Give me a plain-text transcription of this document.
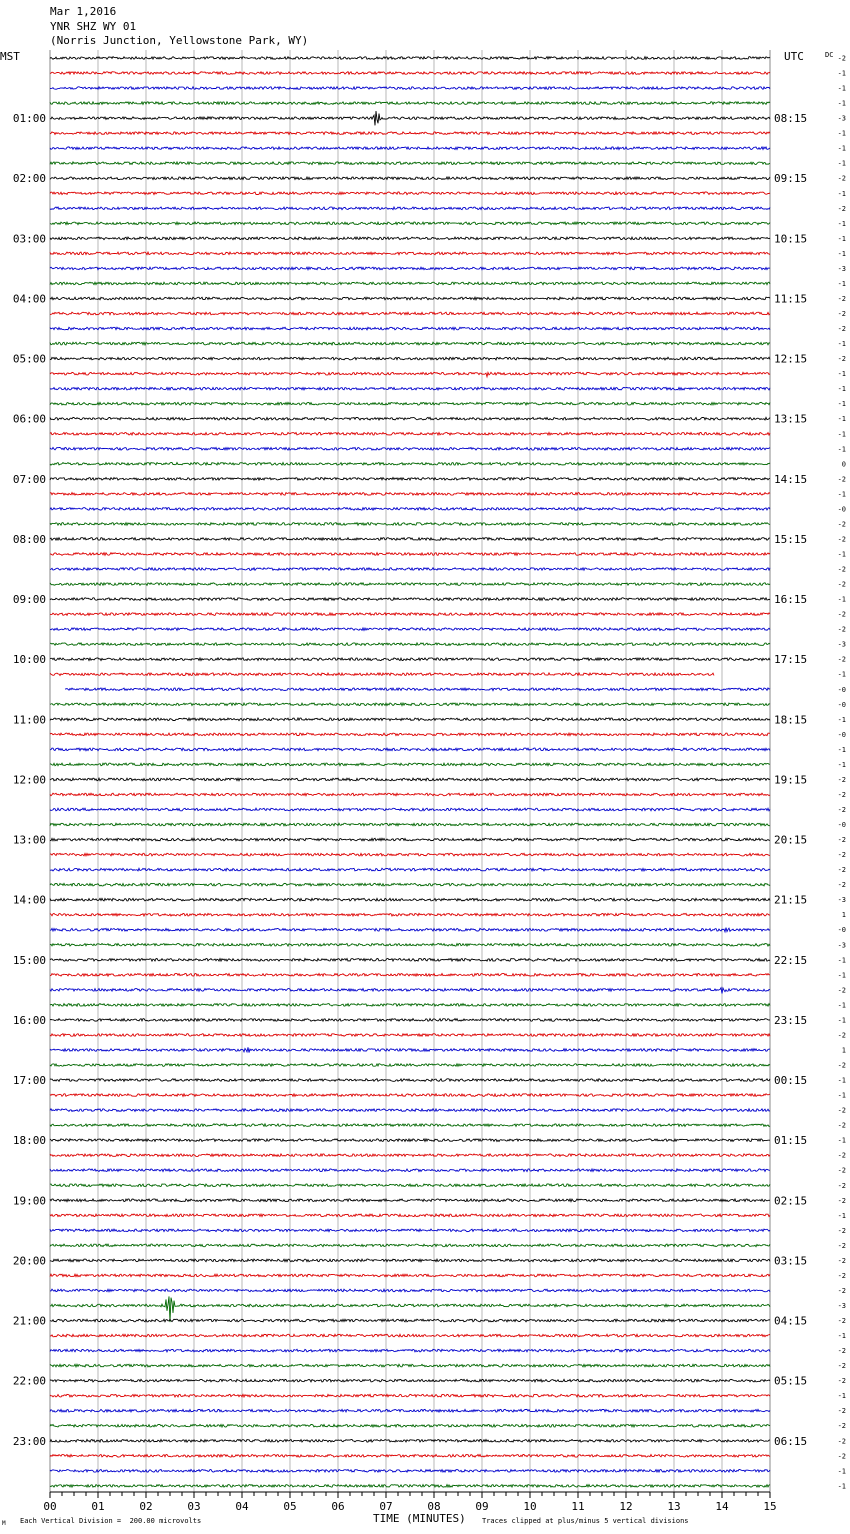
Mar 1,2016
YNR SHZ WY 01
(Norris Junction, Yellowstone Park, WY)
01:00
02:00
03:00
04:00
05:00
06:00
07:00
08:00
09:00
10:00
11:00
12:00
13:00
14:00
15:00
16:00
17:00
18:00
19:00
20:00
21:00
22:00
23:00
08:15
09:15
10:15
11:15
12:15
13:15
14:15
15:15
16:15
17:15
18:15
19:15
20:15
21:15
22:15
23:15
00:15
01:15
02:15
03:15
04:15
05:15
06:15
-2
-1
-1
-1
-3
-1
-1
-1
-2
-1
-2
-1
-1
-1
-3
-1
-2
-2
-2
-1
-2
-1
-1
-1
-1
-1
-1
0
-2
-1
-0
-2
-2
-1
-2
-2
-1
-2
-2
-3
-2
-1
-0
-0
-1
-0
-1
-1
-2
-2
-2
-0
-2
-2
-2
-2
-3
1
-0
-3
-1
-1
-2
-1
-1
-2
1
-2
-1
-1
-2
-2
-1
-2
-2
-2
-2
-1
-2
-2
-2
-2
-2
-3
-2
-1
-2
-2
-2
-1
-2
-2
-2
-2
-1
-1
00	01	02	03	04	05	06	07	08	09	10	11	12	13	14	15
MST	UTC	DC
TIME (MINUTES)
Each Vertical Division =  200.00 microvolts	Traces clipped at plus/minus 5 vertical divisions
M
